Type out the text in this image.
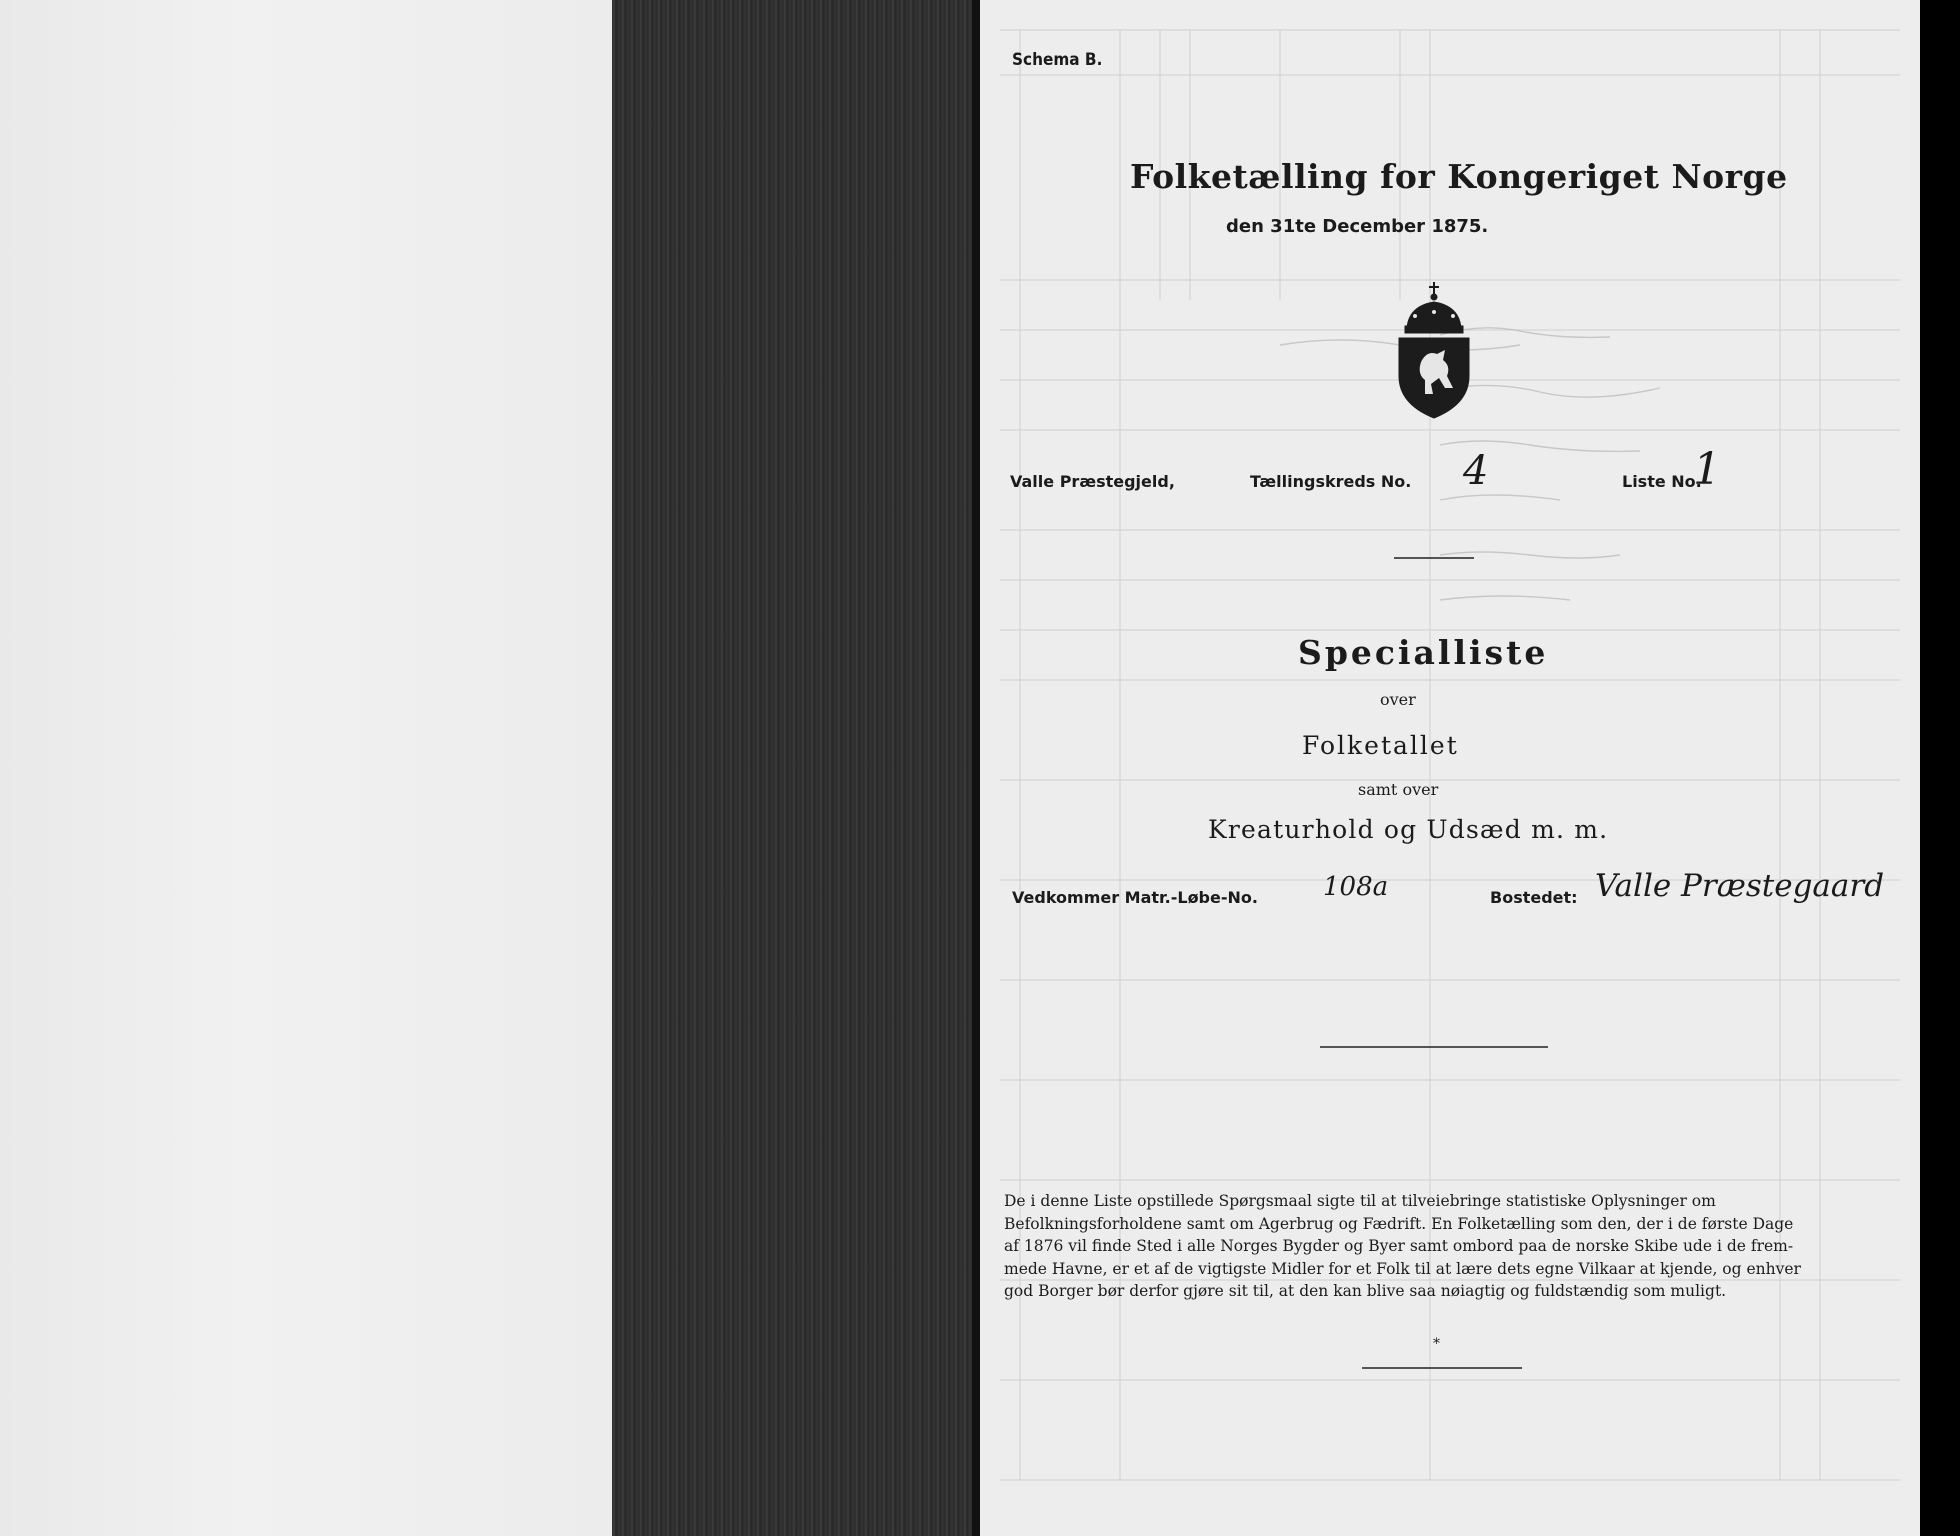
Schema B.
Folketælling for Kongeriget Norge
den 31te December 1875.
Valle Præstegjeld,	Tællingskreds No. 4	Liste No.
1
Specialliste
over
Folketallet
samt over
Kreaturhold og Udsæd m. m.
Vedkommer Matr.-Løbe-No.	108a	Bostedet: Valle Præstegaard
De i denne Liste opstillede Spørgsmaal sigte til at tilveiebringe statistiske Oplysninger om
Befolkningsforholdene samt om Agerbrug og Fædrift. En Folketælling som den, der i de første Dage
af 1876 vil finde Sted i alle Norges Bygder og Byer samt ombord paa de norske Skibe ude i de frem-
mede Havne, er et af de vigtigste Midler for et Folk til at lære dets egne Vilkaar at kjende, og enhver
god Borger bør derfor gjøre sit til, at den kan blive saa nøiagtig og fuldstændig som muligt.
*
